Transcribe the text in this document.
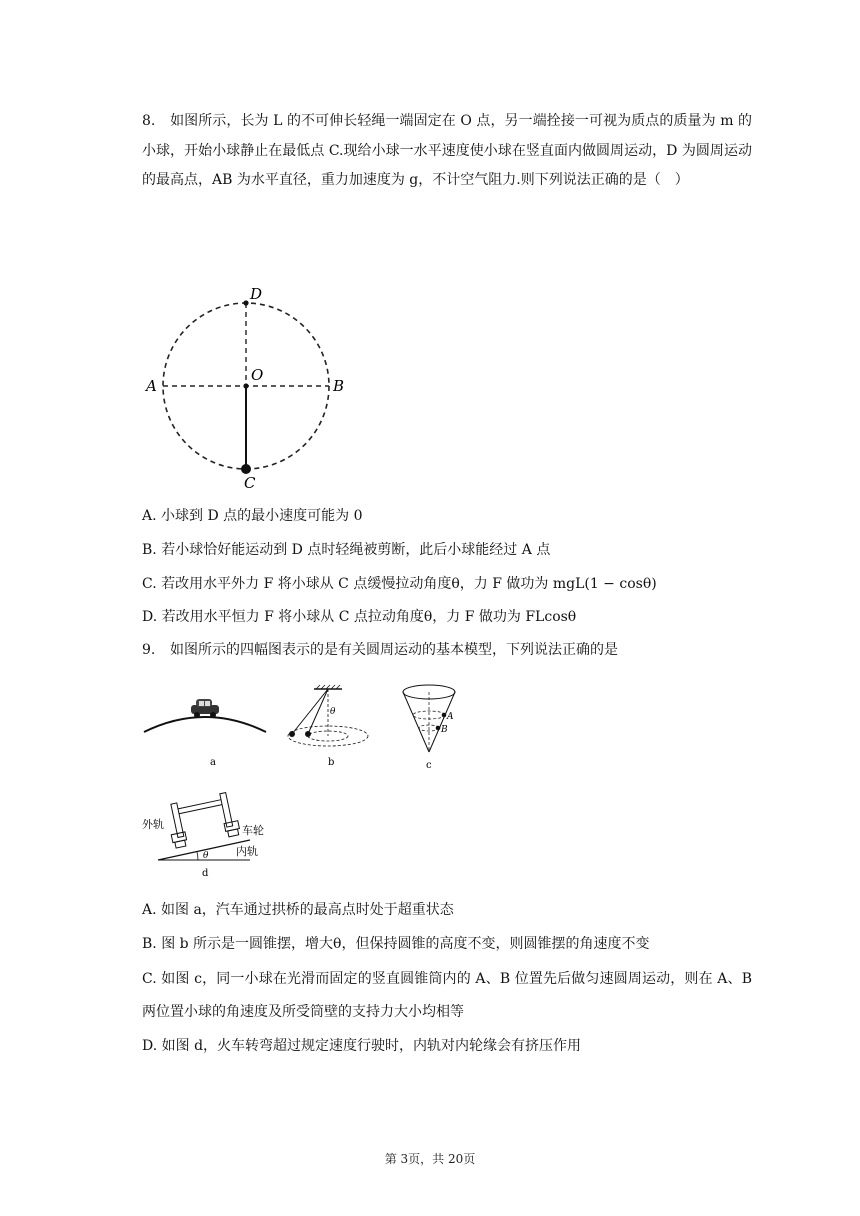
8. 如图所示，长为 L 的不可伸长轻绳一端固定在 O 点，另一端拴接一可视为质点的质量为 m 的小球，开始小球静止在最低点 C.现给小球一水平速度使小球在竖直面内做圆周运动，D 为圆周运动的最高点，AB 为水平直径，重力加速度为 g，不计空气阻力.则下列说法正确的是（　）
D
O
A	B
C
A. 小球到 D 点的最小速度可能为 0
B. 若小球恰好能运动到 D 点时轻绳被剪断，此后小球能经过 A 点
C. 若改用水平外力 F 将小球从 C 点缓慢拉动角度θ，力 F 做功为 mgL(1 − cosθ)
D. 若改用水平恒力 F 将小球从 C 点拉动角度θ，力 F 做功为 FLcosθ
9. 如图所示的四幅图表示的是有关圆周运动的基本模型，下列说法正确的是
a
θ
b
A
B
c
外轨	车轮
内轨
θ
d
A. 如图 a，汽车通过拱桥的最高点时处于超重状态
B. 图 b 所示是一圆锥摆，增大θ，但保持圆锥的高度不变，则圆锥摆的角速度不变
C. 如图 c，同一小球在光滑而固定的竖直圆锥筒内的 A、B 位置先后做匀速圆周运动，则在 A、B 两位置小球的角速度及所受筒壁的支持力大小均相等
D. 如图 d，火车转弯超过规定速度行驶时，内轨对内轮缘会有挤压作用
第 3页，共 20页
